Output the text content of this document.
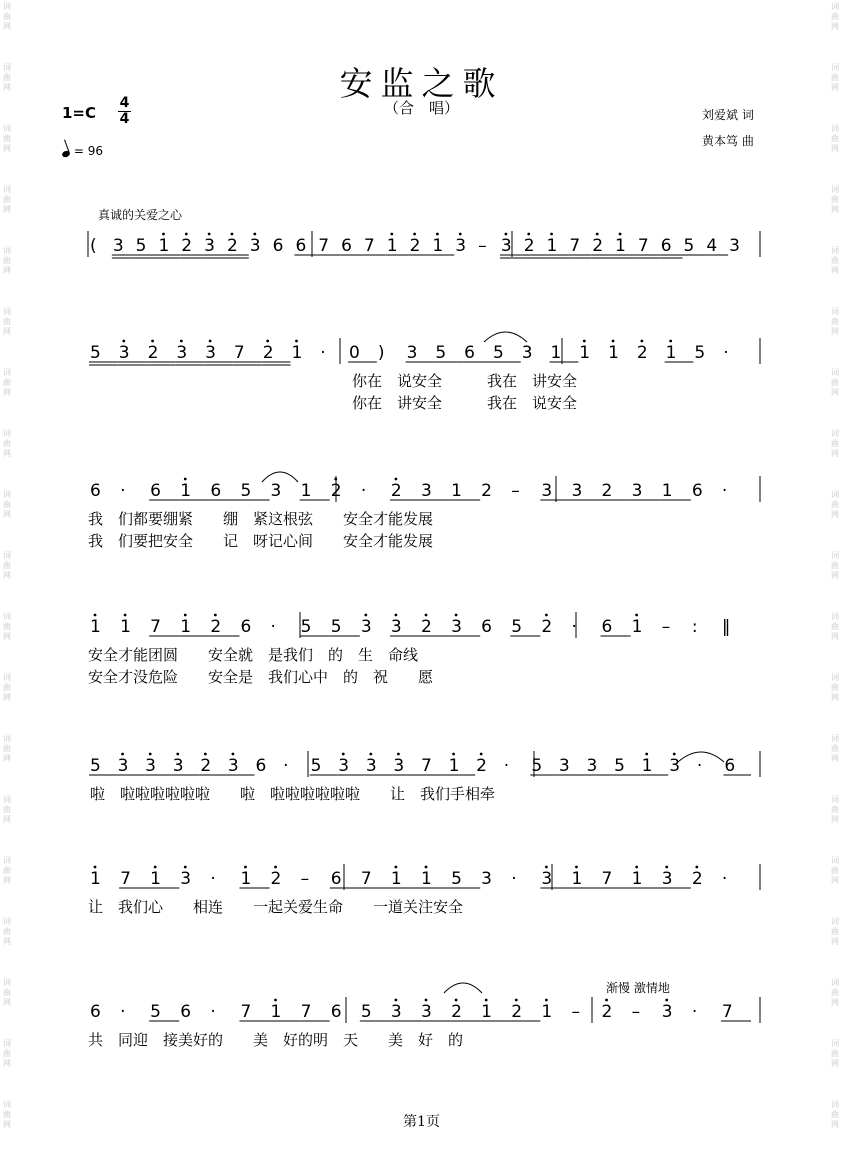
词
曲
网
词
曲
网
词
曲
网
词
曲
网
词
曲
网
词
曲
网
词
曲
网
词
曲
网
词
曲
网
词
曲
网
词
曲
网
词
曲
网
词
曲
网
词
曲
网
词
曲
网
词
曲
网
词
曲
网
词
曲
网
词
曲
网
词
曲
网
词
曲
网
词
曲
网
词
曲
网
词
曲
网
词
曲
网
词
曲
网
词
曲
网
词
曲
网
词
曲
网
词
曲
网
词
曲
网
词
曲
网
词
曲
网
词
曲
网
词
曲
网
词
曲
网
词
曲
网
词
曲
网
安监之歌
（合　唱）
1=C
4
4
= 96
刘爱斌 词
黄本笃 曲
真诚的关爱之心
渐慢 激情地
( 3 5 1 2 3 2 3 6 6 7 6 7 1 2 1 3 – 3 2 1 7 2 1 7 6 5 4 3
5 3 2 3 3 7 2 1 · 0 ) 3 5 6 5 3 1 1 1 2 1 5 ·
6 · 6 1 6 5 3 1 2 · 2 3 1 2 – 3 3 2 3 1 6 ·
1 1 7 1 2 6 · 5 5 3 3 2 3 6 5 2 · 6 1 – : ‖
5 3 3 3 2 3 6 · 5 3 3 3 7 1 2 · 5 3 3 5 1 3 · 6
1 7 1 3 · 1 2 – 6 7 1 1 5 3 · 3 1 7 1 3 2 ·
6 · 5 6 · 7 1 7 6 5 3 3 2 1 2 1 – 2 – 3 · 7
你在　说安全　　　我在　讲安全
你在　讲安全　　　我在　说安全
我　们都要绷紧　　绷　紧这根弦　　安全才能发展
我　们要把安全　　记　呀记心间　　安全才能发展
安全才能团圆　　安全就　是我们　的　生　命线
安全才没危险　　安全是　我们心中　的　祝　　愿
啦　啦啦啦啦啦啦　　啦　啦啦啦啦啦啦　　让　我们手相牵
让　我们心　　相连　　一起关爱生命　　一道关注安全
共　同迎　接美好的　　美　好的明　天　　美　好　的
第1页
